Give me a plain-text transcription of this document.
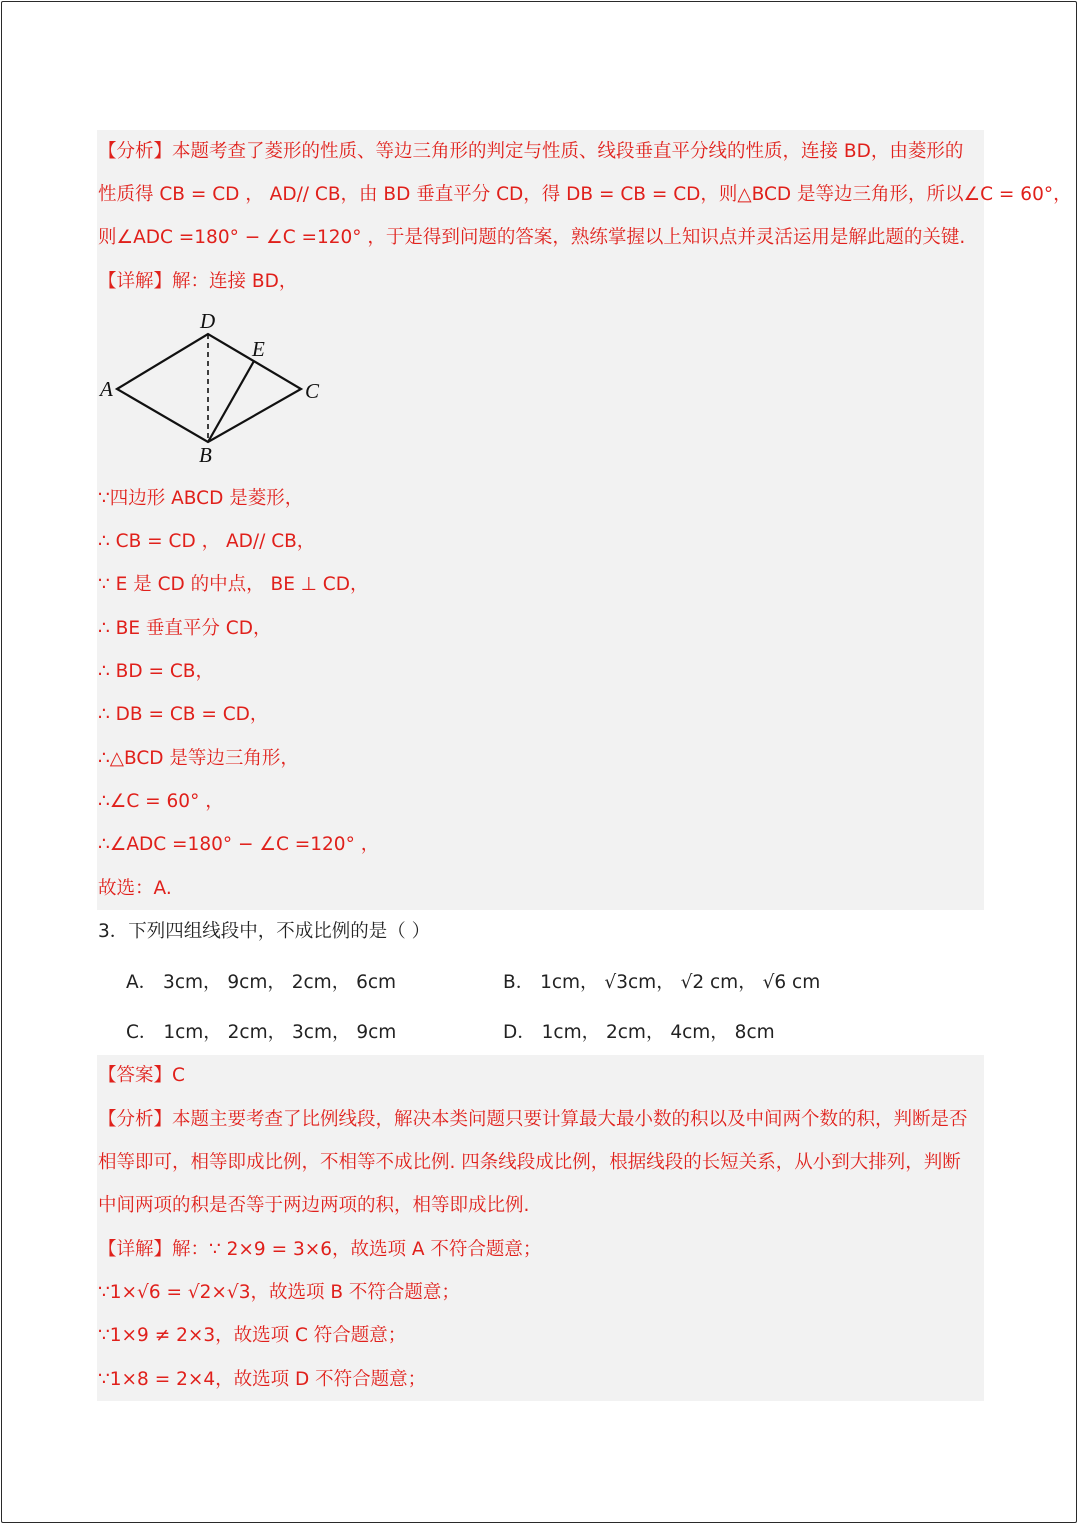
【分析】本题考查了菱形的性质、等边三角形的判定与性质、线段垂直平分线的性质，连接 BD，由菱形的
性质得 CB = CD ， AD// CB，由 BD 垂直平分 CD，得 DB = CB = CD，则△BCD 是等边三角形，所以∠C = 60°，
则∠ADC =180° − ∠C =120° ，于是得到问题的答案，熟练掌握以上知识点并灵活运用是解此题的关键.
【详解】解：连接 BD，
A
D
E
C
B
∵四边形 ABCD 是菱形，
∴ CB = CD ， AD// CB，
∵ E 是 CD 的中点， BE ⊥ CD，
∴ BE 垂直平分 CD，
∴ BD = CB，
∴ DB = CB = CD，
∴△BCD 是等边三角形，
∴∠C = 60° ，
∴∠ADC =180° − ∠C =120° ，
故选：A.
3．下列四组线段中，不成比例的是（ ）
A． 3cm， 9cm， 2cm， 6cm	B． 1cm， √3cm， √2 cm， √6 cm
C． 1cm， 2cm， 3cm， 9cm	D． 1cm， 2cm， 4cm， 8cm
【答案】C
【分析】本题主要考查了比例线段，解决本类问题只要计算最大最小数的积以及中间两个数的积，判断是否
相等即可，相等即成比例，不相等不成比例. 四条线段成比例，根据线段的长短关系，从小到大排列，判断
中间两项的积是否等于两边两项的积，相等即成比例.
【详解】解：∵ 2×9 = 3×6，故选项 A 不符合题意；
∵1×√6 = √2×√3，故选项 B 不符合题意；
∵1×9 ≠ 2×3，故选项 C 符合题意；
∵1×8 = 2×4，故选项 D 不符合题意；
